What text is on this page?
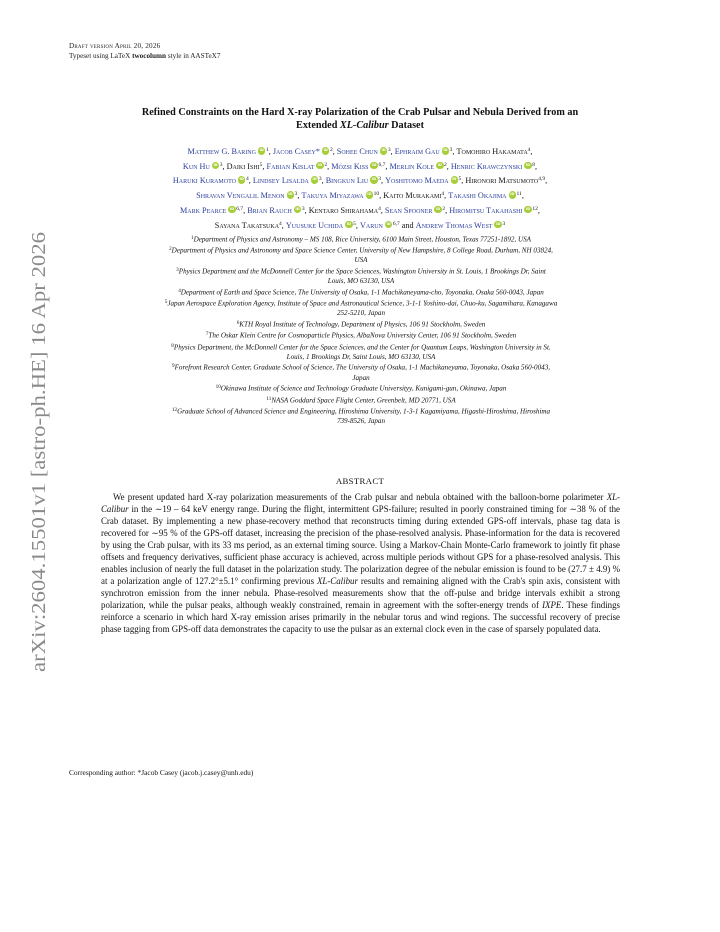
arXiv:2604.15501v1 [astro-ph.HE] 16 Apr 2026
Draft version April 20, 2026
Typeset using LaTeX twocolumn style in AASTeX7
Refined Constraints on the Hard X-ray Polarization of the Crab Pulsar and Nebula Derived from an
Extended XL-Calibur Dataset
Matthew G. Baring iD $^1$, Jacob Casey* iD $^2$, Sohee Chun iD $^3$, Ephraim Gau iD $^3$, Tomohiro Hakamata$^4$,
Kun Hu iD $^3$, Daiki Ishi$^5$, Fabian Kislat iD $^2$, Mózsi Kiss iD $^{6,7}$, Merlin Kole iD $^2$, Henric Krawczynski iD $^8$,
Haruki Kuramoto iD $^4$, Lindsey Lisalda iD $^3$, Bingkun Liu iD $^3$, Yoshitomo Maeda iD $^5$, Hironori Matsumoto$^{4,9}$,
Shravan Vengalil Menon iD $^3$, Takuya Miyazawa iD $^{10}$, Kaito Murakami$^4$, Takashi Okajima iD $^{11}$,
Mark Pearce iD $^{6,7}$, Brian Rauch iD $^3$, Kentaro Shirahama$^4$, Sean Spooner iD $^2$, Hiromitsu Takahashi iD $^{12}$,
Sayana Takatsuka$^4$, Yuusuke Uchida iD $^5$, Varun iD $^{6,7}$ and Andrew Thomas West iD $^3$
$^1$Department of Physics and Astronomy – MS 108, Rice University, 6100 Main Street, Houston, Texas 77251-1892, USA
$^2$Department of Physics and Astronomy and Space Science Center, University of New Hampshire, 8 College Road, Durham, NH 03824,
USA
$^3$Physics Department and the McDonnell Center for the Space Sciences, Washington University in St. Louis, 1 Brookings Dr, Saint
Louis, MO 63130, USA
$^4$Department of Earth and Space Science, The University of Osaka, 1-1 Machikaneyama-cho, Toyonaka, Osaka 560-0043, Japan
$^5$Japan Aerospace Exploration Agency, Institute of Space and Astronautical Science, 3-1-1 Yoshino-dai, Chuo-ku, Sagamihara, Kanagawa
252-5210, Japan
$^6$KTH Royal Institute of Technology, Department of Physics, 106 91 Stockholm, Sweden
$^7$The Oskar Klein Centre for Cosmoparticle Physics, AlbaNova University Center, 106 91 Stockholm, Sweden
$^8$Physics Department, the McDonnell Center for the Space Sciences, and the Center for Quantum Leaps, Washington University in St.
Louis, 1 Brookings Dr, Saint Louis, MO 63130, USA
$^9$Forefront Research Center, Graduate School of Science, The University of Osaka, 1-1 Machikaneyama, Toyonaka, Osaka 560-0043,
Japan
$^{10}$Okinawa Institute of Science and Technology Graduate Universityy, Kunigami-gun, Okinawa, Japan
$^{11}$NASA Goddard Space Flight Center, Greenbelt, MD 20771, USA
$^{12}$Graduate School of Advanced Science and Engineering, Hiroshima University, 1-3-1 Kagamiyama, Higashi-Hiroshima, Hiroshima
739-8526, Japan
ABSTRACT
We present updated hard X-ray polarization measurements of the Crab pulsar and nebula obtained with the balloon-borne polarimeter XL-Calibur in the ∼19 – 64 keV energy range. During the flight, intermittent GPS-failure; resulted in poorly constrained timing for ∼38 % of the Crab dataset. By implementing a new phase-recovery method that reconstructs timing during extended GPS-off intervals, phase tag data is recovered for ∼95 % of the GPS-off dataset, increasing the precision of the phase-resolved analysis. Phase-information for the data is recovered by using the Crab pulsar, with its 33 ms period, as an external timing source. Using a Markov-Chain Monte-Carlo framework to jointly fit phase offsets and frequency derivatives, sufficient phase accuracy is achieved, across multiple periods without GPS for a phase-resolved analysis. This enables inclusion of nearly the full dataset in the polarization study. The polarization degree of the nebular emission is found to be (27.7 ± 4.9) % at a polarization angle of 127.2°±5.1° confirming previous XL-Calibur results and remaining aligned with the Crab's spin axis, consistent with synchrotron emission from the inner nebula. Phase-resolved measurements show that the off-pulse and bridge intervals exhibit a strong polarization, while the pulsar peaks, although weakly constrained, remain in agreement with the softer-energy trends of IXPE. These findings reinforce a scenario in which hard X-ray emission arises primarily in the nebular torus and wind regions. The successful recovery of precise phase tagging from GPS-off data demonstrates the capacity to use the pulsar as an external clock even in the case of sparsely populated data.
Corresponding author: *Jacob Casey (jacob.j.casey@unh.edu)
